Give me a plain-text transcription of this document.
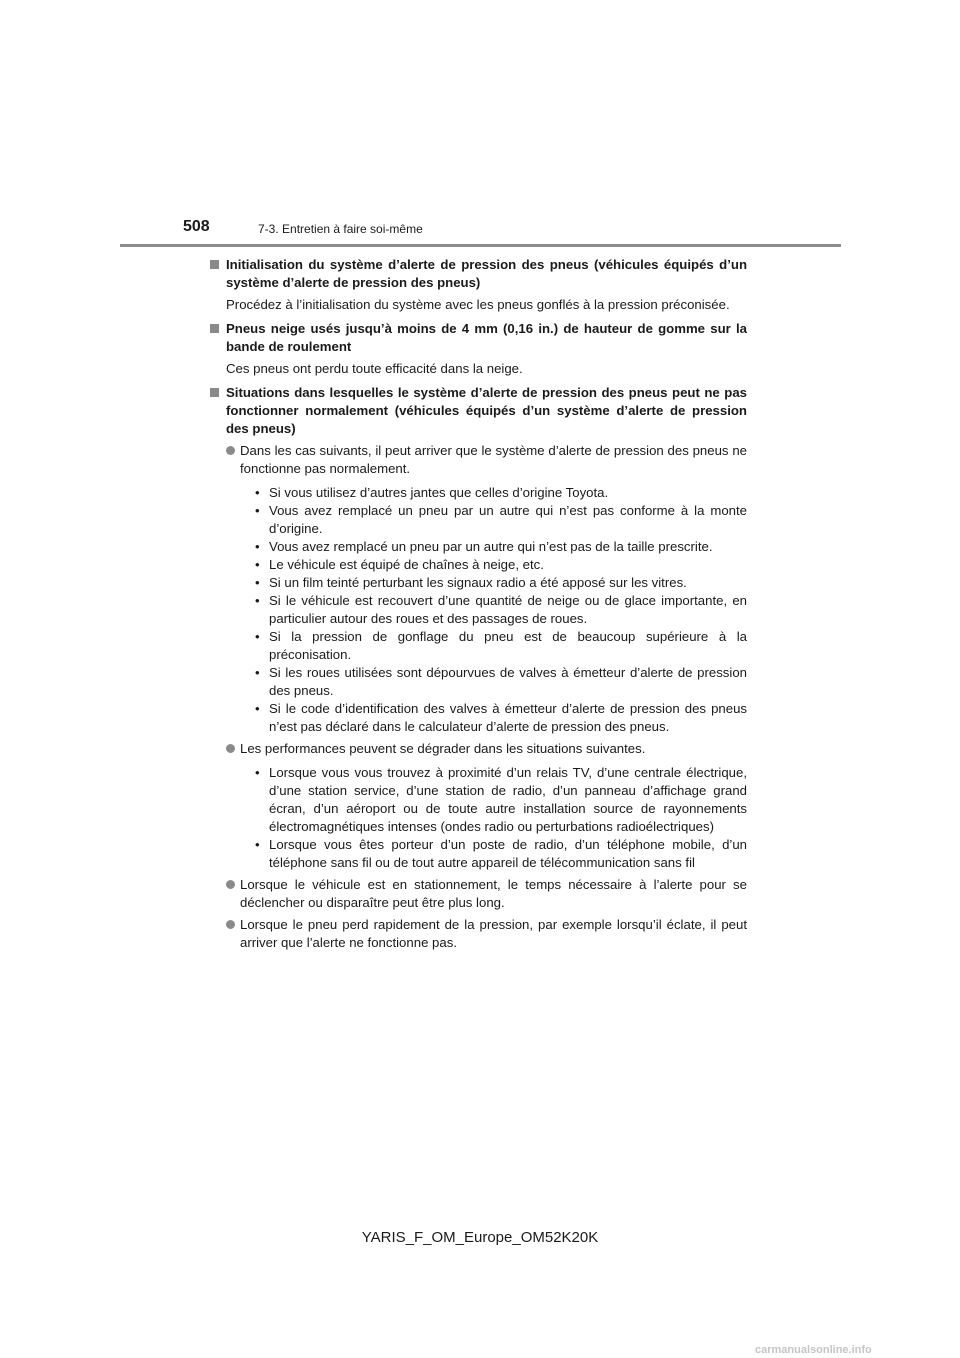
508	7-3. Entretien à faire soi-même
Initialisation du système d’alerte de pression des pneus (véhicules équipés d’un système d’alerte de pression des pneus)
Procédez à l’initialisation du système avec les pneus gonflés à la pression préconisée.
Pneus neige usés jusqu’à moins de 4 mm (0,16 in.) de hauteur de gomme sur la bande de roulement
Ces pneus ont perdu toute efficacité dans la neige.
Situations dans lesquelles le système d’alerte de pression des pneus peut ne pas fonctionner normalement (véhicules équipés d’un système d’alerte de pression des pneus)
Dans les cas suivants, il peut arriver que le système d’alerte de pression des pneus ne fonctionne pas normalement.
• Si vous utilisez d’autres jantes que celles d’origine Toyota.
• Vous avez remplacé un pneu par un autre qui n’est pas conforme à la monte d’origine.
• Vous avez remplacé un pneu par un autre qui n’est pas de la taille prescrite.
• Le véhicule est équipé de chaînes à neige, etc.
• Si un film teinté perturbant les signaux radio a été apposé sur les vitres.
• Si le véhicule est recouvert d’une quantité de neige ou de glace importante, en particulier autour des roues et des passages de roues.
• Si la pression de gonflage du pneu est de beaucoup supérieure à la préconisation.
• Si les roues utilisées sont dépourvues de valves à émetteur d’alerte de pression des pneus.
• Si le code d’identification des valves à émetteur d’alerte de pression des pneus n’est pas déclaré dans le calculateur d’alerte de pression des pneus.
Les performances peuvent se dégrader dans les situations suivantes.
• Lorsque vous vous trouvez à proximité d’un relais TV, d’une centrale électrique, d’une station service, d’une station de radio, d’un panneau d’affichage grand écran, d’un aéroport ou de toute autre installation source de rayonnements électromagnétiques intenses (ondes radio ou perturbations radioélectriques)
• Lorsque vous êtes porteur d’un poste de radio, d’un téléphone mobile, d’un téléphone sans fil ou de tout autre appareil de télécommunication sans fil
Lorsque le véhicule est en stationnement, le temps nécessaire à l’alerte pour se déclencher ou disparaître peut être plus long.
Lorsque le pneu perd rapidement de la pression, par exemple lorsqu’il éclate, il peut arriver que l’alerte ne fonctionne pas.
YARIS_F_OM_Europe_OM52K20K
carmanualsonline.info
